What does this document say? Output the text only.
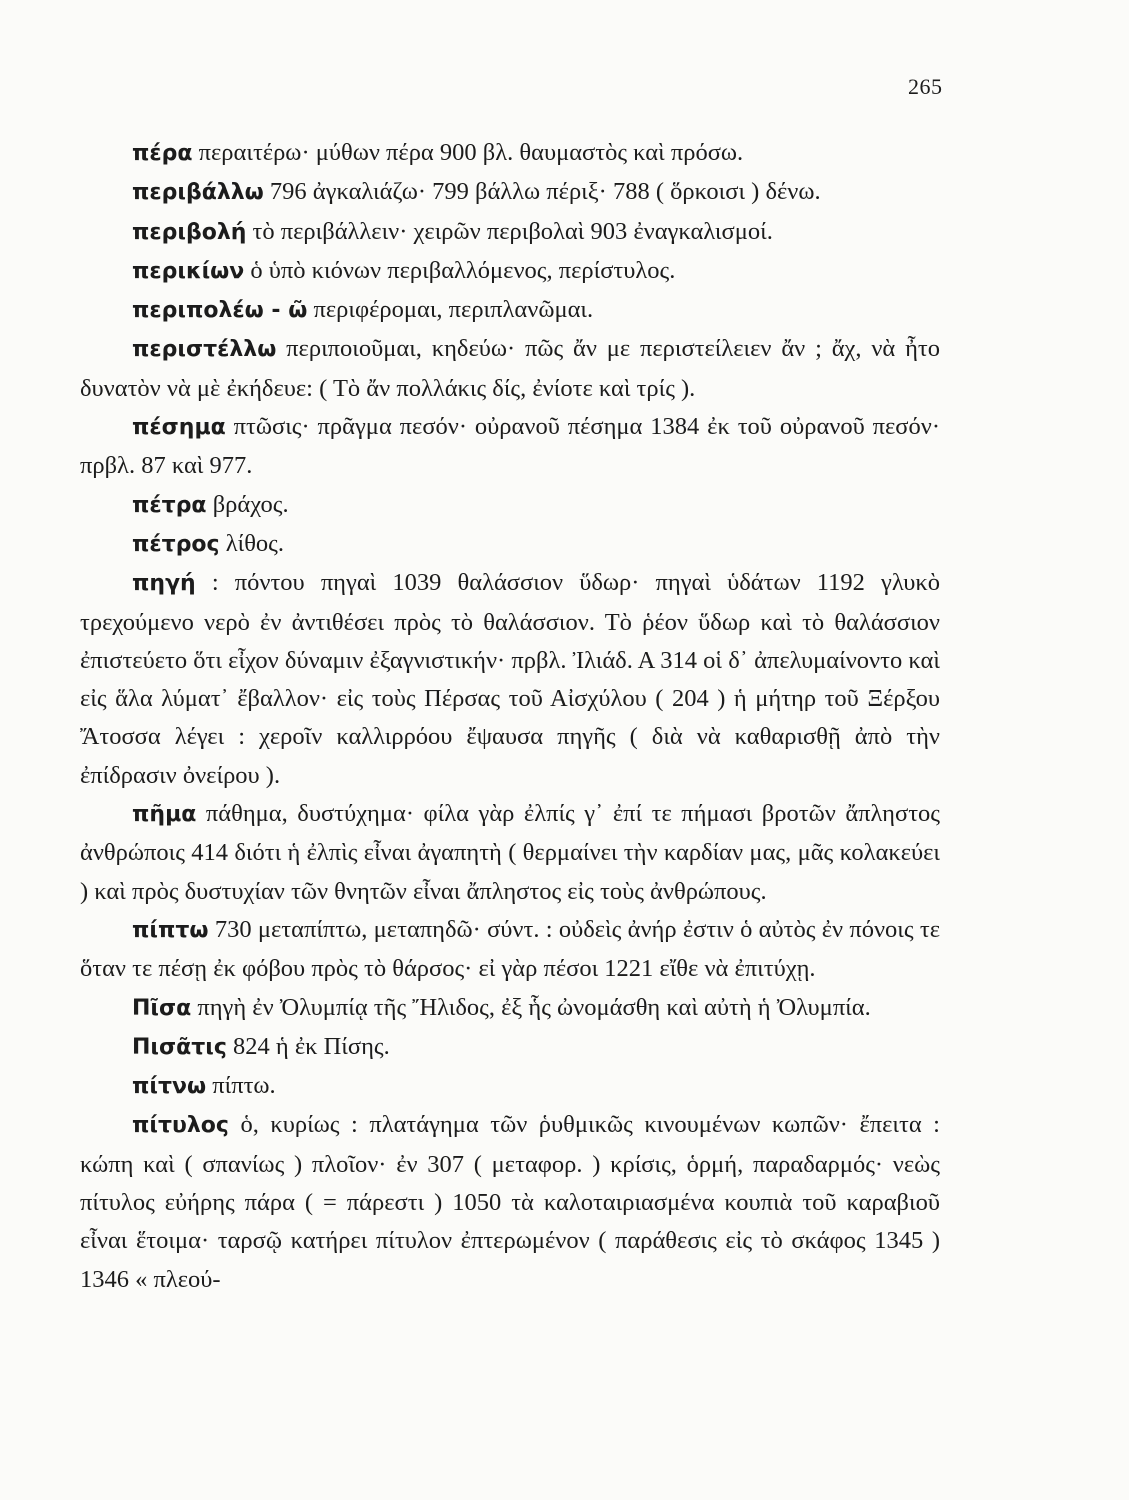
265

πέρα περαιτέρω· μύθων πέρα 900 βλ. θαυμαστὸς καὶ πρόσω.

περιβάλλω 796 ἀγκαλιάζω· 799 βάλλω πέριξ· 788 ( ὅρκοισι ) δένω.

περιβολή τὸ περιβάλλειν· χειρῶν περιβολαὶ 903 ἐναγκαλισμοί.

περικίων ὁ ὑπὸ κιόνων περιβαλλόμενος, περίστυλος.

περιπολέω - ῶ περιφέρομαι, περιπλανῶμαι.

περιστέλλω περιποιοῦμαι, κηδεύω· πῶς ἄν με περιστείλειεν ἄν ; ἄχ, νὰ ἦτο δυνατὸν νὰ μὲ ἐκήδευε: ( Τὸ ἄν πολλάκις δίς, ἐνίοτε καὶ τρίς ).

πέσημα πτῶσις· πρᾶγμα πεσόν· οὐρανοῦ πέσημα 1384 ἐκ τοῦ οὐρανοῦ πεσόν· πρβλ. 87 καὶ 977.

πέτρα βράχος.

πέτρος λίθος.

πηγή : πόντου πηγαὶ 1039 θαλάσσιον ὕδωρ· πηγαὶ ὑδάτων 1192 γλυκὸ τρεχούμενο νερὸ ἐν ἀντιθέσει πρὸς τὸ θαλάσσιον. Τὸ ῥέον ὕδωρ καὶ τὸ θαλάσσιον ἐπιστεύετο ὅτι εἶχον δύναμιν ἐξαγνιστικήν· πρβλ. Ἰλιάδ. Α 314 οἱ δ᾽ ἀπελυμαίνοντο καὶ εἰς ἅλα λύματ᾽ ἔβαλλον· εἰς τοὺς Πέρσας τοῦ Αἰσχύλου ( 204 ) ἡ μήτηρ τοῦ Ξέρξου Ἄτοσσα λέγει : χεροῖν καλλιρρόου ἔψαυσα πηγῆς ( διὰ νὰ καθαρισθῇ ἀπὸ τὴν ἐπίδρασιν ὀνείρου ).

πῆμα πάθημα, δυστύχημα· φίλα γὰρ ἐλπίς γ᾽ ἐπί τε πήμασι βροτῶν ἄπληστος ἀνθρώποις 414 διότι ἡ ἐλπὶς εἶναι ἀγαπητὴ ( θερμαίνει τὴν καρδίαν μας, μᾶς κολακεύει ) καὶ πρὸς δυστυχίαν τῶν θνητῶν εἶναι ἄπληστος εἰς τοὺς ἀνθρώπους.

πίπτω 730 μεταπίπτω, μεταπηδῶ· σύντ. : οὐδεὶς ἀνήρ ἐστιν ὁ αὐτὸς ἐν πόνοις τε ὅταν τε πέσῃ ἐκ φόβου πρὸς τὸ θάρσος· εἰ γὰρ πέσοι 1221 εἴθε νὰ ἐπιτύχῃ.

Πῖσα πηγὴ ἐν Ὀλυμπίᾳ τῆς Ἤλιδος, ἐξ ἧς ὠνομάσθη καὶ αὐτὴ ἡ Ὀλυμπία.

Πισᾶτις 824 ἡ ἐκ Πίσης.

πίτνω πίπτω.

πίτυλος ὁ, κυρίως : πλατάγημα τῶν ῥυθμικῶς κινουμένων κωπῶν· ἔπειτα : κώπη καὶ ( σπανίως ) πλοῖον· ἐν 307 ( μεταφορ. ) κρίσις, ὁρμή, παραδαρμός· νεὼς πίτυλος εὐήρης πάρα ( = πάρεστι ) 1050 τὰ καλοταιριασμένα κουπιὰ τοῦ καραβιοῦ εἶναι ἕτοιμα· ταρσῷ κατήρει πίτυλον ἐπτερωμένον ( παράθεσις εἰς τὸ σκάφος 1345 ) 1346 « πλεού-
